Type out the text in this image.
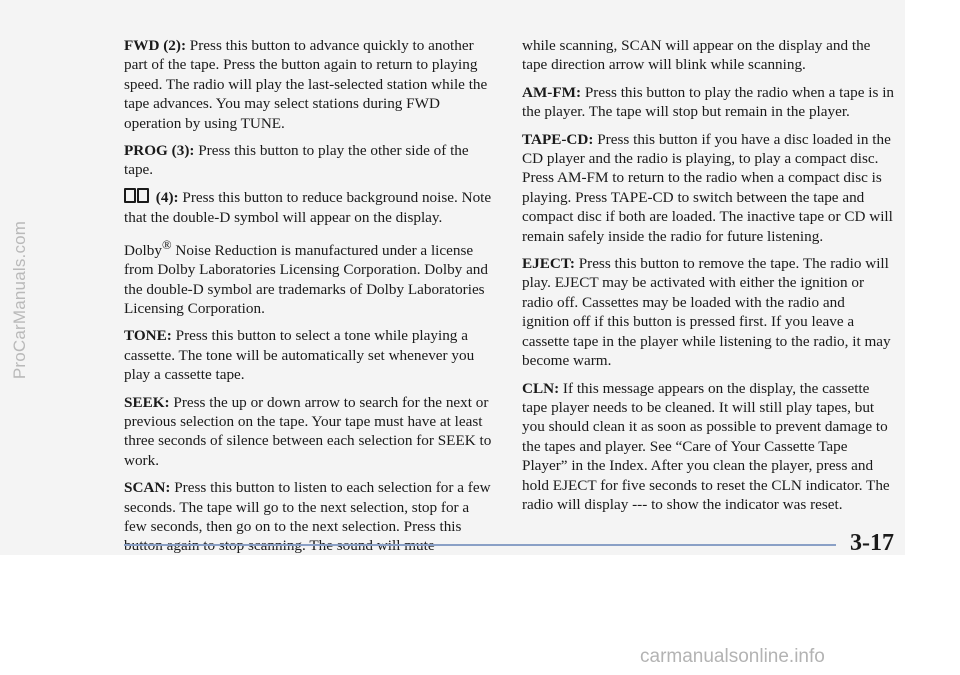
ProCarManuals.com

FWD (2): Press this button to advance quickly to another part of the tape. Press the button again to return to playing speed. The radio will play the last-selected station while the tape advances. You may select stations during FWD operation by using TUNE.

PROG (3): Press this button to play the other side of the tape.

(4): Press this button to reduce background noise. Note that the double-D symbol will appear on the display.

Dolby® Noise Reduction is manufactured under a license from Dolby Laboratories Licensing Corporation. Dolby and the double-D symbol are trademarks of Dolby Laboratories Licensing Corporation.

TONE: Press this button to select a tone while playing a cassette. The tone will be automatically set whenever you play a cassette tape.

SEEK: Press the up or down arrow to search for the next or previous selection on the tape. Your tape must have at least three seconds of silence between each selection for SEEK to work.

SCAN: Press this button to listen to each selection for a few seconds. The tape will go to the next selection, stop for a few seconds, then go on to the next selection. Press this

while scanning, SCAN will appear on the display and the tape direction arrow will blink while scanning.

AM-FM: Press this button to play the radio when a tape is in the player. The tape will stop but remain in the player.

TAPE-CD: Press this button if you have a disc loaded in the CD player and the radio is playing, to play a compact disc. Press AM-FM to return to the radio when a compact disc is playing. Press TAPE-CD to switch between the tape and compact disc if both are loaded. The inactive tape or CD will remain safely inside the radio for future listening.

EJECT: Press this button to remove the tape. The radio will play. EJECT may be activated with either the ignition or radio off. Cassettes may be loaded with the radio and ignition off if this button is pressed first. If you leave a cassette tape in the player while listening to the radio, it may become warm.

CLN: If this message appears on the display, the cassette tape player needs to be cleaned. It will still play tapes, but you should clean it as soon as possible to prevent damage to the tapes and player. See “Care of Your Cassette Tape Player” in the Index. After you clean the player, press and hold EJECT for five seconds to reset the CLN indicator. The radio will display --- to show the indicator was reset.

3-17
carmanualsonline.info
